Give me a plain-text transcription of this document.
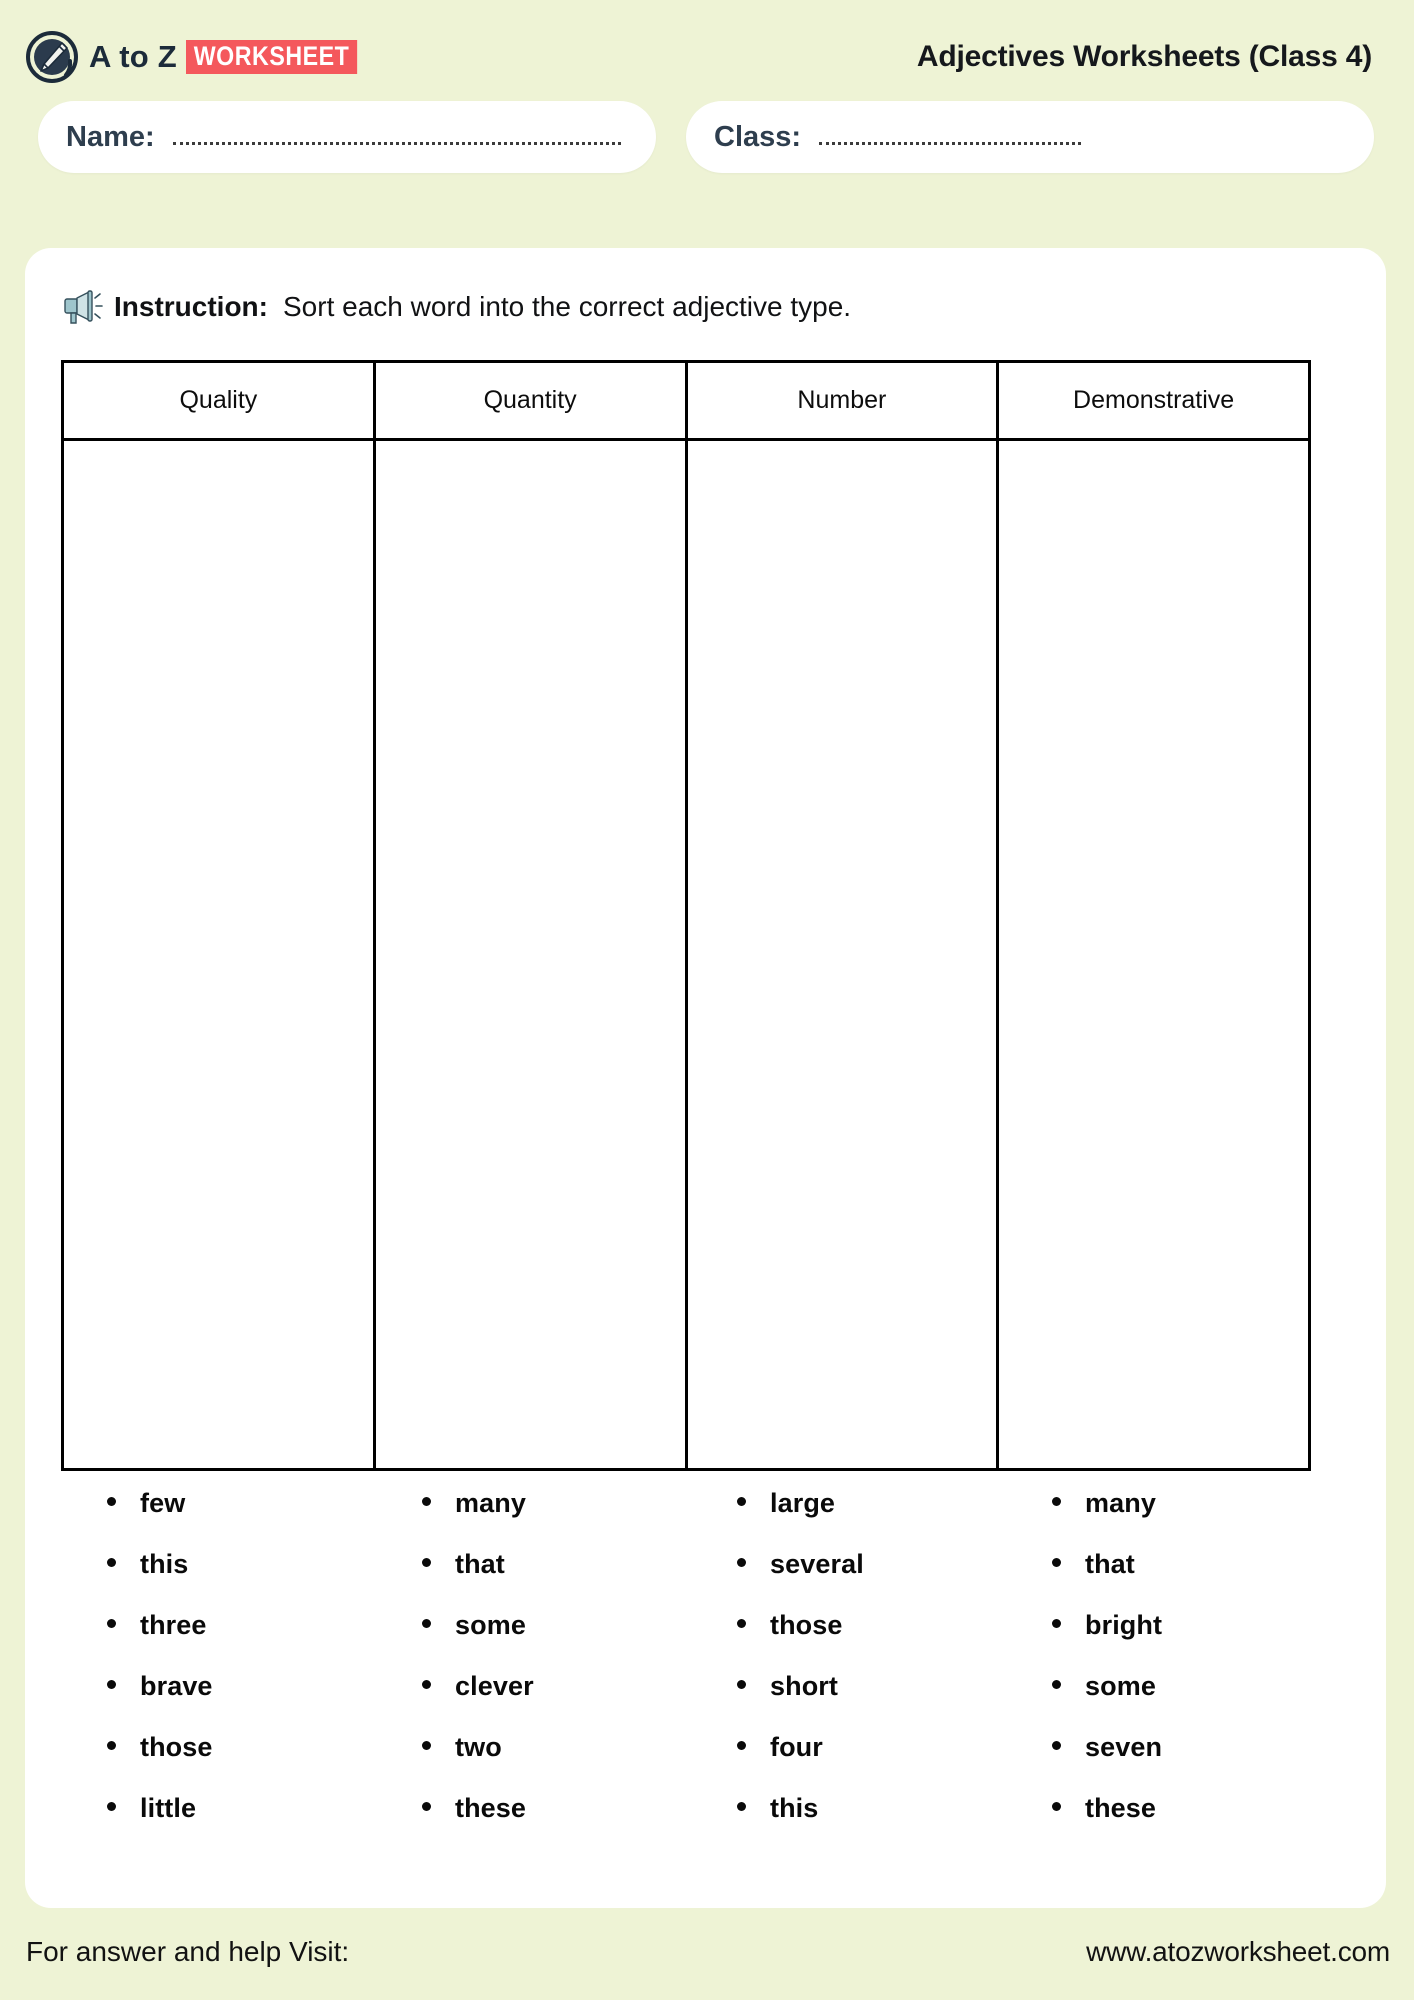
A to Z WORKSHEET	Adjectives Worksheets (Class 4)
Name:	Class:
Instruction: Sort each word into the correct adjective type.
Quality	Quantity	Number	Demonstrative

few
this
three
brave
those
little
many
that
some
clever
two
these
large
several
those
short
four
this
many
that
bright
some
seven
these
For answer and help Visit:	www.atozworksheet.com
